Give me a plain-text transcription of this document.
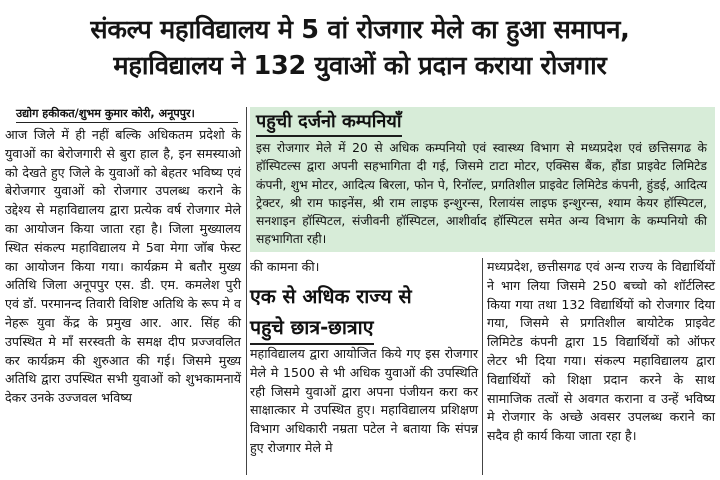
संकल्प महाविद्यालय मे 5 वां रोजगार मेले का हुआ समापन,
महाविद्यालय ने 132 युवाओं को प्रदान कराया रोजगार
उद्योग हकीकत/शुभम कुमार कोरी, अनूपपुर।
आज जिले में ही नहीं बल्कि अधिकतम प्रदेशो के युवाओं का बेरोजगारी से बुरा हाल है, इन समस्याओ को देखते हुए जिले के युवाओं को बेहतर भविष्य एवं बेरोजगार युवाओं को रोजगार उपलब्ध कराने के उद्देश्य से महाविद्यालय द्वारा प्रत्येक वर्ष रोजगार मेले का आयोजन किया जाता रहा है। जिला मुख्यालय स्थित संकल्प महाविद्यालय मे 5वा मेगा जॉब फेस्ट का आयोजन किया गया। कार्यक्रम मे बतौर मुख्य अतिथि जिला अनूपपुर एस. डी. एम. कमलेश पुरी एवं डॉ. परमानन्द तिवारी विशिष्ट अतिथि के रूप मे व नेहरू युवा केंद्र के प्रमुख आर. आर. सिंह की उपस्थित मे माँ सरस्वती के समक्ष दीप प्रज्जवलित कर कार्यक्रम की शुरुआत की गई। जिसमे मुख्य अतिथि द्वारा उपस्थित सभी युवाओं को शुभकामनायें देकर उनके उज्जवल भविष्य
पहुची दर्जनो कम्पनियाँ
इस रोजगार मेले में 20 से अधिक कम्पनियो एवं स्वास्थ्य विभाग से मध्यप्रदेश एवं छत्तिसगढ के हॉस्पिटल्स द्वारा अपनी सहभागिता दी गई, जिसमे टाटा मोटर, एक्सिस बैंक, हौंडा प्राइवेट लिमिटेड कंपनी, शुभ मोटर, आदित्य बिरला, फोन पे, रिनॉल्ट, प्रगतिशील प्राइवेट लिमिटेड कंपनी, हुंडई, आदित्य ट्रेक्टर, श्री राम फाइनेंस, श्री राम लाइफ इन्शुरन्स, रिलायंस लाइफ इन्शुरन्स, श्याम केयर हॉस्पिटल, सनशाइन हॉस्पिटल, संजीवनी हॉस्पिटल, आशीर्वाद हॉस्पिटल समेत अन्य विभाग के कम्पनियो की सहभागिता रही।
की कामना की।
एक से अधिक राज्य से
पहुचे छात्र-छात्राए
महाविद्यालय द्वारा आयोजित किये गए इस रोजगार मेले मे 1500 से भी अधिक युवाओं की उपस्थिति रही जिसमे युवाओं द्वारा अपना पंजीयन करा कर साक्षात्कार मे उपस्थित हुए। महाविद्यालय प्रशिक्षण विभाग अधिकारी नम्रता पटेल ने बताया कि संपन्न हुए रोजगार मेले मे
मध्यप्रदेश, छत्तीसगढ एवं अन्य राज्य के विद्यार्थियों ने भाग लिया जिसमे 250 बच्चो को शॉर्टलिस्ट किया गया तथा 132 विद्यार्थियों को रोजगार दिया गया, जिसमे से प्रगतिशील बायोटेक प्राइवेट लिमिटेड कंपनी द्वारा 15 विद्यार्थियों को ऑफर लेटर भी दिया गया। संकल्प महाविद्यालय द्वारा विद्यार्थियों को शिक्षा प्रदान करने के साथ सामाजिक तत्वों से अवगत कराना व उन्हें भविष्य मे रोजगार के अच्छे अवसर उपलब्ध कराने का सदैव ही कार्य किया जाता रहा है।
